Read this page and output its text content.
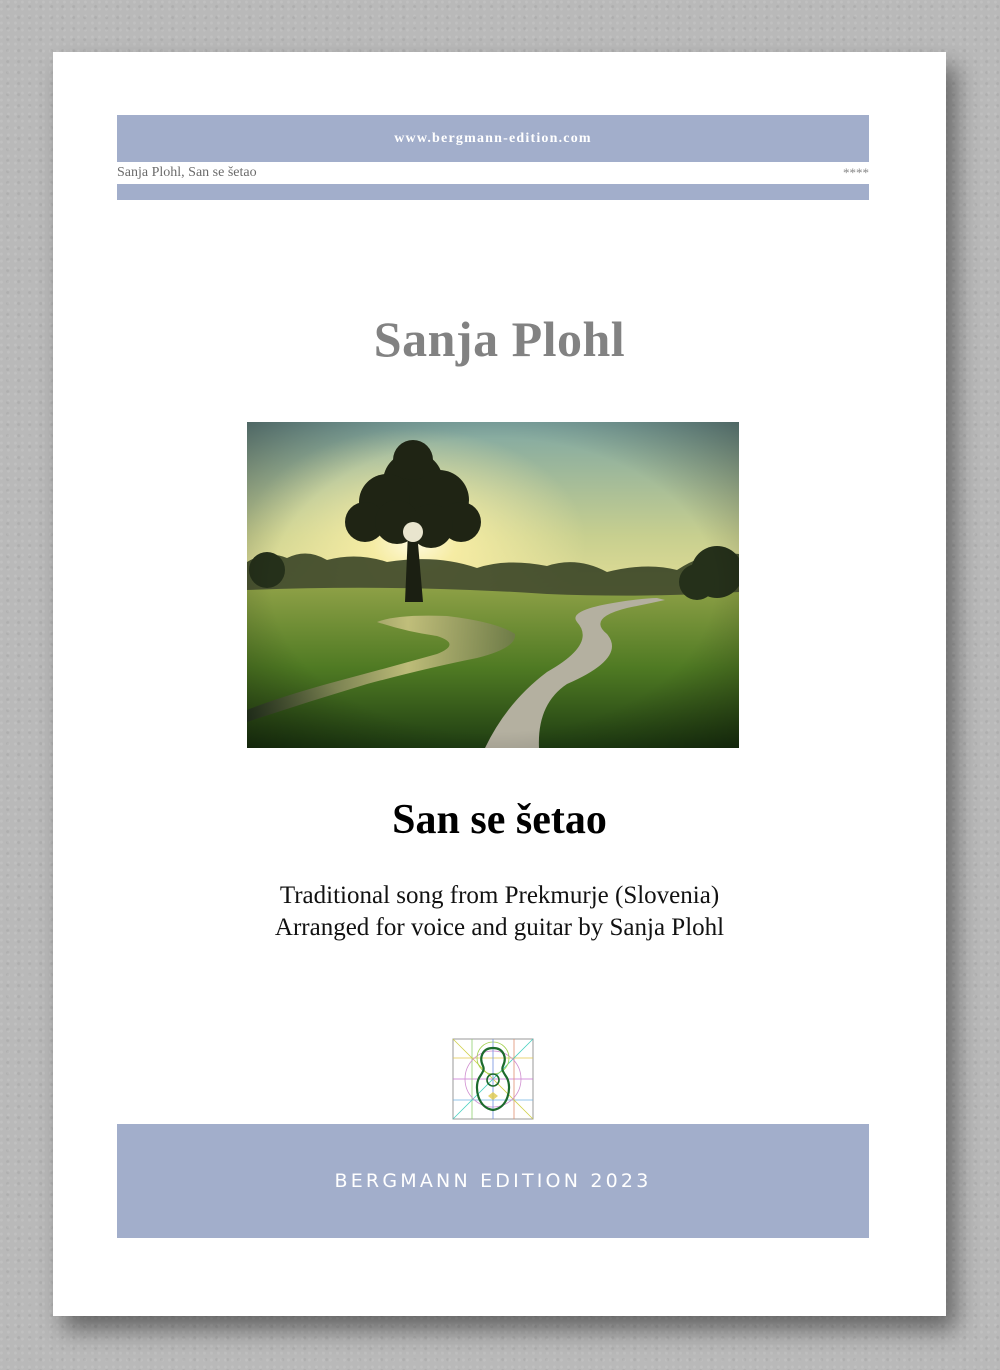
www.bergmann-edition.com
Sanja Plohl, San se šetao	****
Sanja Plohl
San se šetao
Traditional song from Prekmurje (Slovenia)
Arranged for voice and guitar by Sanja Plohl
BERGMANN EDITION 2023
